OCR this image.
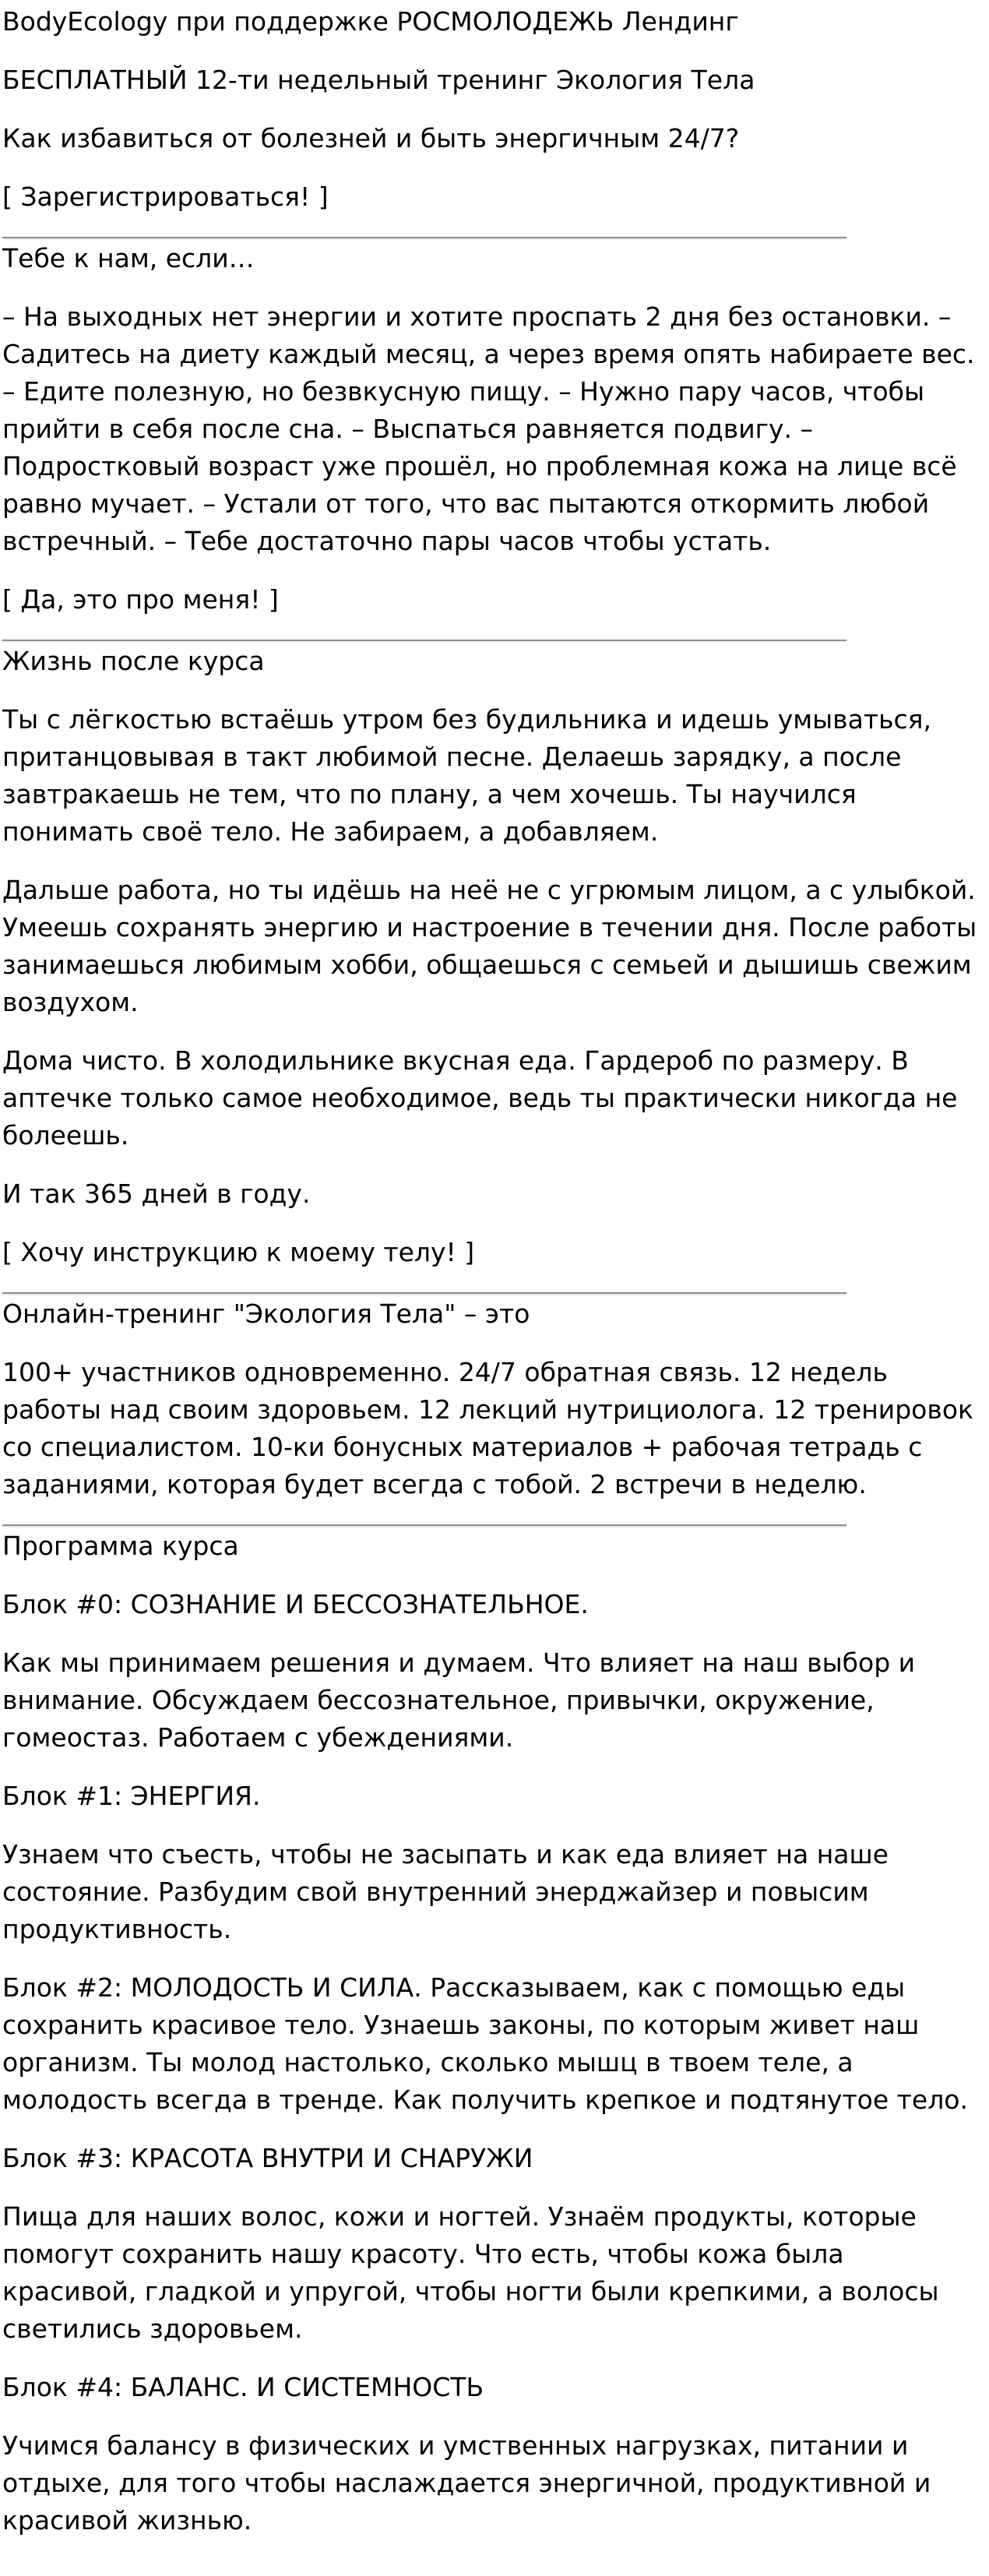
BodyEcology при поддержке РОСМОЛОДЕЖЬ Лендинг

БЕСПЛАТНЫЙ 12-ти недельный тренинг Экология Тела

Как избавиться от болезней и быть энергичным 24/7?

[ Зарегистрироваться! ]

Тебе к нам, если…

– На выходных нет энергии и хотите проспать 2 дня без остановки. – Садитесь на диету каждый месяц, а через время опять набираете вес. – Едите полезную, но безвкусную пищу. – Нужно пару часов, чтобы прийти в себя после сна. – Выспаться равняется подвигу. – Подростковый возраст уже прошёл, но проблемная кожа на лице всё равно мучает. – Устали от того, что вас пытаются откормить любой встречный. – Тебе достаточно пары часов чтобы устать.

[ Да, это про меня! ]

Жизнь после курса

Ты с лёгкостью встаёшь утром без будильника и идешь умываться, пританцовывая в такт любимой песне. Делаешь зарядку, а после завтракаешь не тем, что по плану, а чем хочешь. Ты научился понимать своё тело. Не забираем, а добавляем.

Дальше работа, но ты идёшь на неё не с угрюмым лицом, а с улыбкой. Умеешь сохранять энергию и настроение в течении дня. После работы занимаешься любимым хобби, общаешься с семьей и дышишь свежим воздухом.

Дома чисто. В холодильнике вкусная еда. Гардероб по размеру. В аптечке только самое необходимое, ведь ты практически никогда не болеешь.

И так 365 дней в году.

[ Хочу инструкцию к моему телу! ]

Онлайн-тренинг "Экология Тела" – это

100+ участников одновременно. 24/7 обратная связь. 12 недель работы над своим здоровьем. 12 лекций нутрициолога. 12 тренировок со специалистом. 10-ки бонусных материалов + рабочая тетрадь с заданиями, которая будет всегда с тобой. 2 встречи в неделю.

Программа курса

Блок #0: СОЗНАНИЕ И БЕССОЗНАТЕЛЬНОЕ.

Как мы принимаем решения и думаем. Что влияет на наш выбор и внимание. Обсуждаем бессознательное, привычки, окружение, гомеостаз. Работаем с убеждениями.

Блок #1: ЭНЕРГИЯ.

Узнаем что съесть, чтобы не засыпать и как еда влияет на наше состояние. Разбудим свой внутренний энерджайзер и повысим продуктивность.

Блок #2: МОЛОДОСТЬ И СИЛА. Рассказываем, как с помощью еды сохранить красивое тело. Узнаешь законы, по которым живет наш организм. Ты молод настолько, сколько мышц в твоем теле, а молодость всегда в тренде. Как получить крепкое и подтянутое тело.

Блок #3: КРАСОТА ВНУТРИ И СНАРУЖИ

Пища для наших волос, кожи и ногтей. Узнаём продукты, которые помогут сохранить нашу красоту. Что есть, чтобы кожа была красивой, гладкой и упругой, чтобы ногти были крепкими, а волосы светились здоровьем.

Блок #4: БАЛАНС. И СИСТЕМНОСТЬ

Учимся балансу в физических и умственных нагрузках, питании и отдыхе, для того чтобы наслаждается энергичной, продуктивной и красивой жизнью.
